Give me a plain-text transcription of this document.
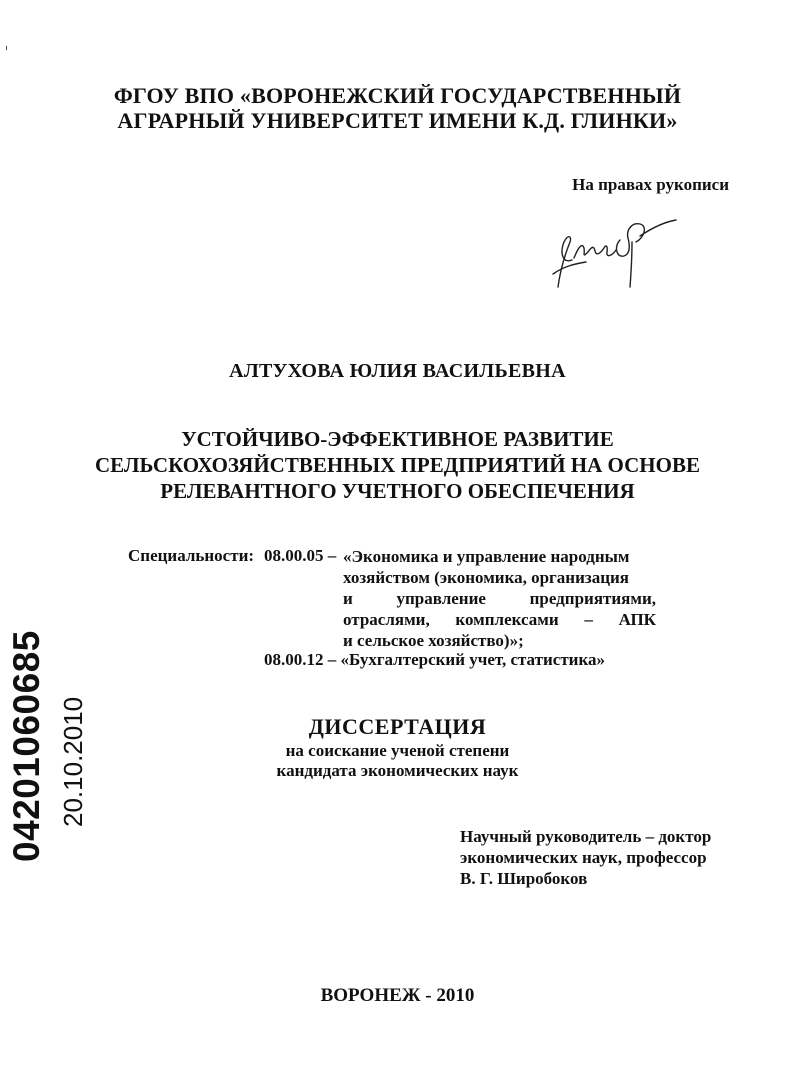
ФГОУ ВПО «ВОРОНЕЖСКИЙ ГОСУДАРСТВЕННЫЙ
АГРАРНЫЙ УНИВЕРСИТЕТ ИМЕНИ К.Д. ГЛИНКИ»
На правах рукописи
АЛТУХОВА ЮЛИЯ ВАСИЛЬЕВНА
УСТОЙЧИВО-ЭФФЕКТИВНОЕ РАЗВИТИЕ
СЕЛЬСКОХОЗЯЙСТВЕННЫХ ПРЕДПРИЯТИЙ НА ОСНОВЕ
РЕЛЕВАНТНОГО УЧЕТНОГО ОБЕСПЕЧЕНИЯ
Специальности: 08.00.05 – «Экономика и управление народным
хозяйством (экономика, организация
и управление предприятиями,
отраслями, комплексами – АПК
и сельское хозяйство)»;
08.00.12 – «Бухгалтерский учет, статистика»
ДИССЕРТАЦИЯ
на соискание ученой степени
кандидата экономических наук
Научный руководитель – доктор
экономических наук, профессор
В. Г. Широбоков
ВОРОНЕЖ - 2010
04201060685 20.10.2010
